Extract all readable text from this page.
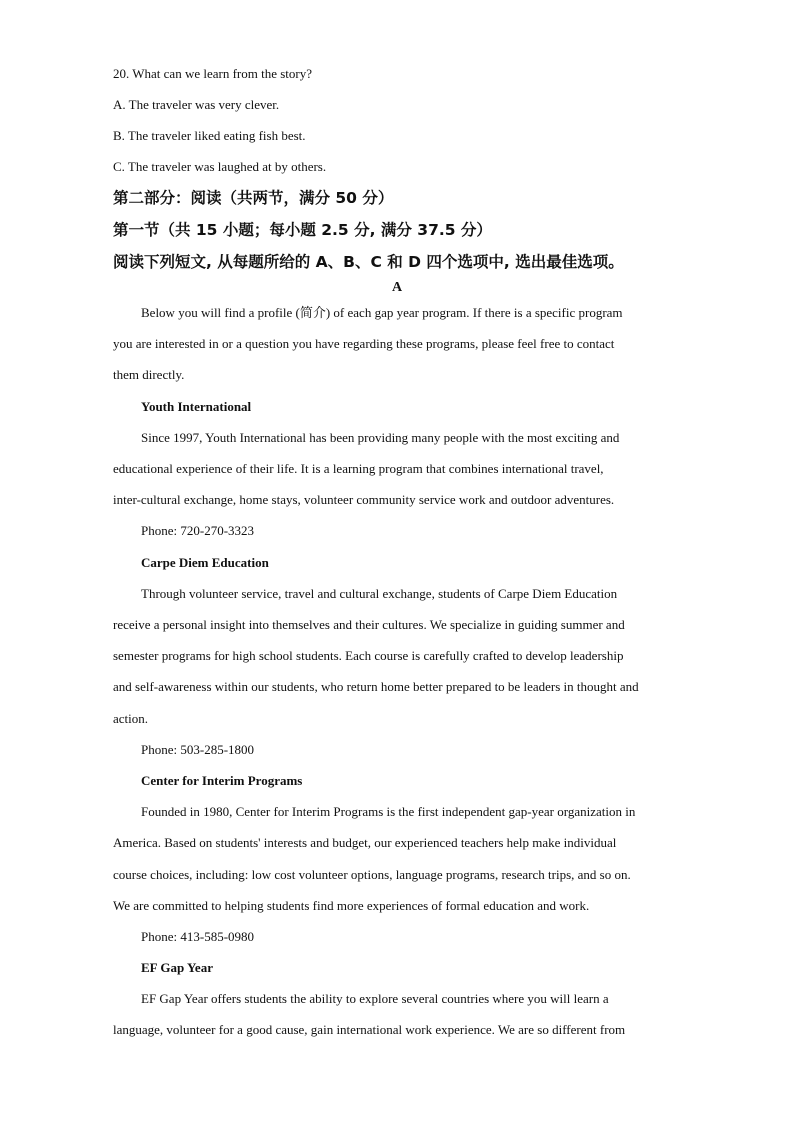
20. What can we learn from the story?
A. The traveler was very clever.
B. The traveler liked eating fish best.
C. The traveler was laughed at by others.
第二部分：阅读（共两节，满分 50 分）
第一节（共 15 小题；每小题 2.5 分, 满分 37.5 分）
阅读下列短文, 从每题所给的 A、B、C 和 D 四个选项中, 选出最佳选项。
A
Below you will find a profile (简介) of each gap year program. If there is a specific program
you are interested in or a question you have regarding these programs, please feel free to contact
them directly.
Youth International
Since 1997, Youth International has been providing many people with the most exciting and
educational experience of their life. It is a learning program that combines international travel,
inter-cultural exchange, home stays, volunteer community service work and outdoor adventures.
Phone: 720-270-3323
Carpe Diem Education
Through volunteer service, travel and cultural exchange, students of Carpe Diem Education
receive a personal insight into themselves and their cultures. We specialize in guiding summer and
semester programs for high school students. Each course is carefully crafted to develop leadership
and self-awareness within our students, who return home better prepared to be leaders in thought and
action.
Phone: 503-285-1800
Center for Interim Programs
Founded in 1980, Center for Interim Programs is the first independent gap-year organization in
America. Based on students' interests and budget, our experienced teachers help make individual
course choices, including: low cost volunteer options, language programs, research trips, and so on.
We are committed to helping students find more experiences of formal education and work.
Phone: 413-585-0980
EF Gap Year
EF Gap Year offers students the ability to explore several countries where you will learn a
language, volunteer for a good cause, gain international work experience. We are so different from
